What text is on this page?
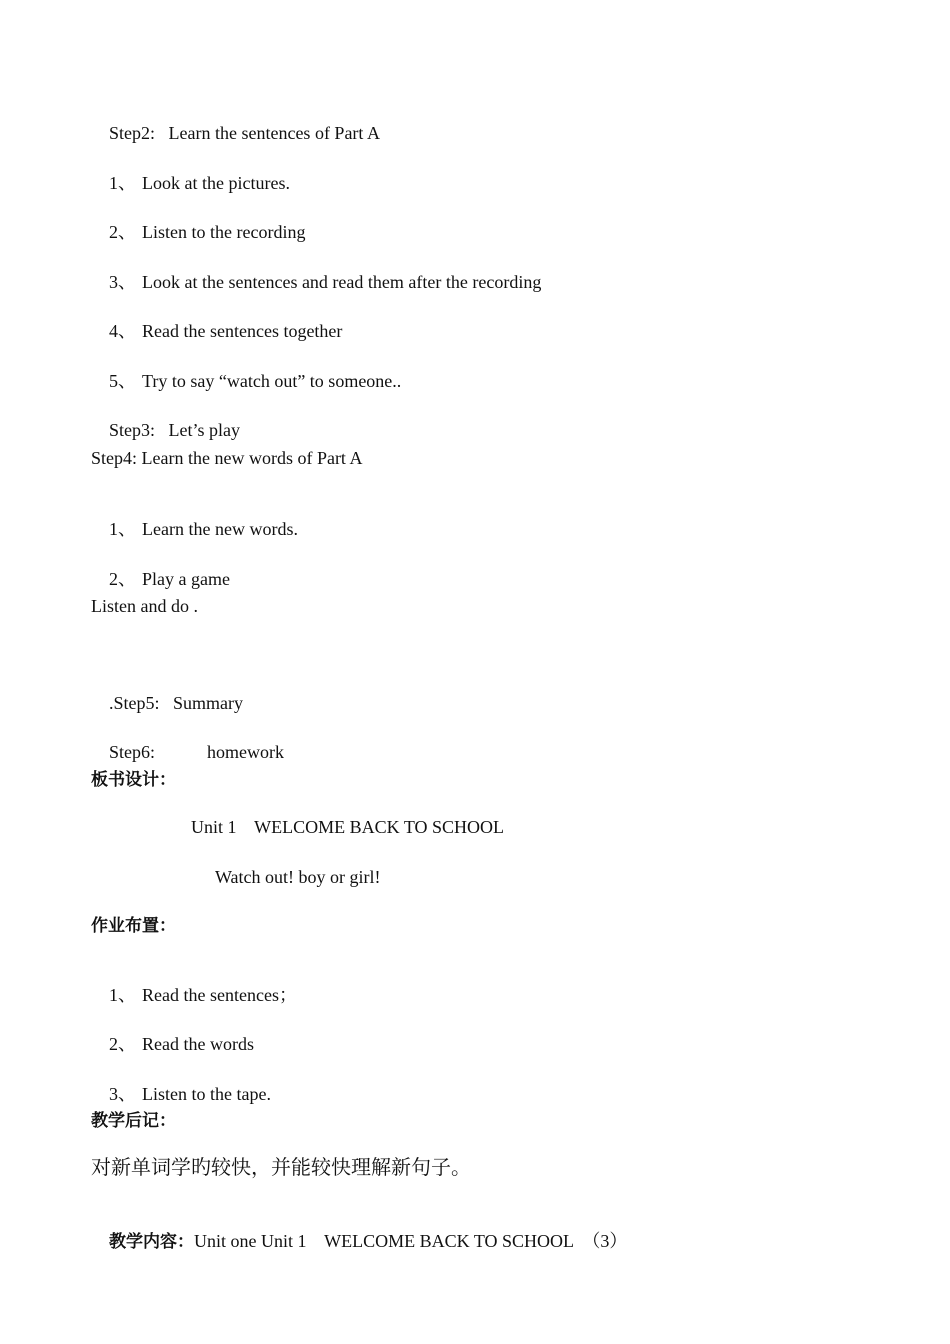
Step2: Learn the sentences of Part A

1、 Look at the pictures.

2、 Listen to the recording

3、 Look at the sentences and read them after the recording

4、 Read the sentences together

5、 Try to say “watch out” to someone..

Step3: Let’s play

Step4: Learn the new words of Part A

1、 Learn the new words.

2、 Play a game

Listen and do .

.Step5: Summary

Step6:	homework

板书设计：
Unit 1    WELCOME BACK TO SCHOOL
Watch out! boy or girl!
作业布置：

1、 Read the sentences；

2、 Read the words

3、 Listen to the tape.

教学后记：
对新单词学旳较快，并能较快理解新句子。

教学内容：Unit one Unit 1    WELCOME BACK TO SCHOOL  （3）
